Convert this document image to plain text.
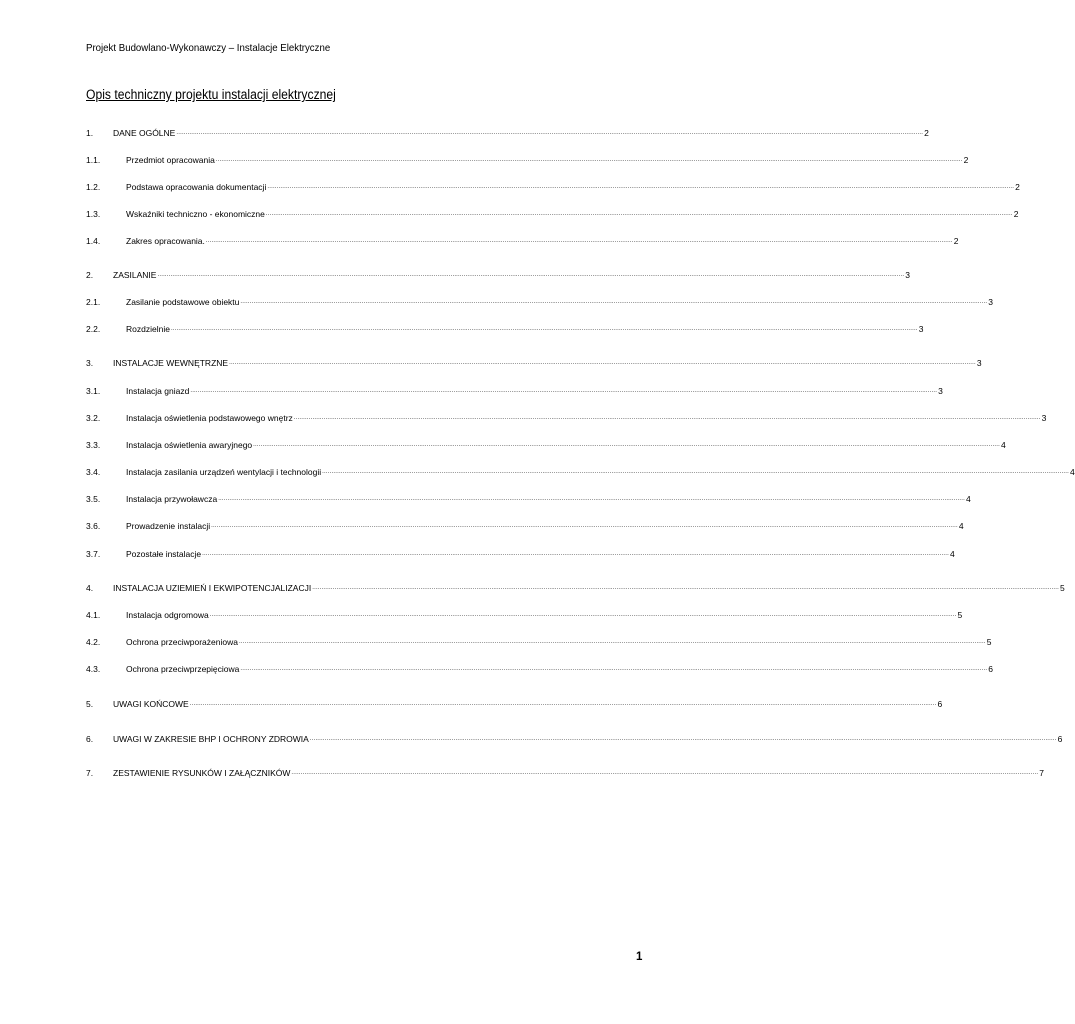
Projekt Budowlano-Wykonawczy – Instalacje Elektryczne
Opis techniczny projektu instalacji elektrycznej
1.	DANE OGÓLNE ................................................................................................................................................................................................................................................................................................................................................................................................................ 2
1.1.	Przedmiot opracowania ................................................................................................................................................................................................................................................................................................................................................................................................................ 2
1.2.	Podstawa opracowania dokumentacji ................................................................................................................................................................................................................................................................................................................................................................................................................ 2
1.3.	Wskaźniki techniczno - ekonomiczne ................................................................................................................................................................................................................................................................................................................................................................................................................ 2
1.4.	Zakres opracowania. ................................................................................................................................................................................................................................................................................................................................................................................................................ 2
2.	ZASILANIE ................................................................................................................................................................................................................................................................................................................................................................................................................ 3
2.1.	Zasilanie podstawowe obiektu ................................................................................................................................................................................................................................................................................................................................................................................................................ 3
2.2.	Rozdzielnie ................................................................................................................................................................................................................................................................................................................................................................................................................ 3
3.	INSTALACJE WEWNĘTRZNE ................................................................................................................................................................................................................................................................................................................................................................................................................ 3
3.1.	Instalacja gniazd ................................................................................................................................................................................................................................................................................................................................................................................................................ 3
3.2.	Instalacja oświetlenia podstawowego wnętrz ................................................................................................................................................................................................................................................................................................................................................................................................................ 3
3.3.	Instalacja oświetlenia awaryjnego ................................................................................................................................................................................................................................................................................................................................................................................................................ 4
3.4.	Instalacja zasilania urządzeń wentylacji i technologii ................................................................................................................................................................................................................................................................................................................................................................................................................ 4
3.5.	Instalacja przywoławcza ................................................................................................................................................................................................................................................................................................................................................................................................................ 4
3.6.	Prowadzenie instalacji ................................................................................................................................................................................................................................................................................................................................................................................................................ 4
3.7.	Pozostałe instalacje ................................................................................................................................................................................................................................................................................................................................................................................................................ 4
4.	INSTALACJA UZIEMIEŃ I EKWIPOTENCJALIZACJI ................................................................................................................................................................................................................................................................................................................................................................................................................ 5
4.1.	Instalacja odgromowa ................................................................................................................................................................................................................................................................................................................................................................................................................ 5
4.2.	Ochrona przeciwporażeniowa ................................................................................................................................................................................................................................................................................................................................................................................................................ 5
4.3.	Ochrona przeciwprzepięciowa ................................................................................................................................................................................................................................................................................................................................................................................................................ 6
5.	UWAGI KOŃCOWE ................................................................................................................................................................................................................................................................................................................................................................................................................ 6
6.	UWAGI W ZAKRESIE BHP I OCHRONY ZDROWIA ................................................................................................................................................................................................................................................................................................................................................................................................................ 6
7.	ZESTAWIENIE RYSUNKÓW I ZAŁĄCZNIKÓW ................................................................................................................................................................................................................................................................................................................................................................................................................ 7
1
